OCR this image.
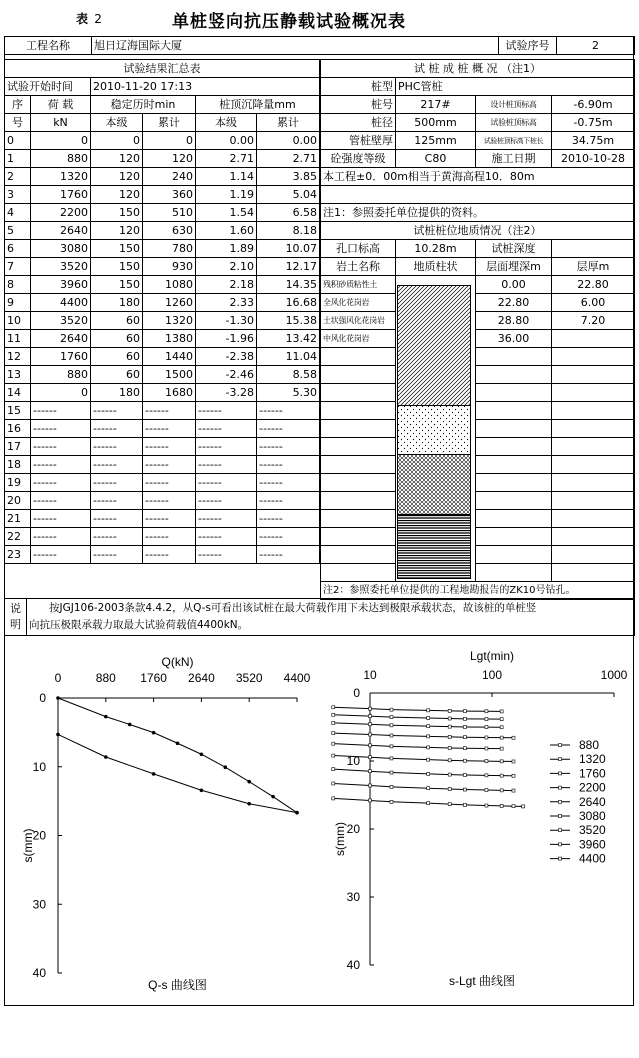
表 2	单桩竖向抗压静载试验概况表
工程名称	旭日辽海国际大厦	试验序号	2
试验结果汇总表					
试验开始时间		2010-11-20 17:13			
序	荷 载	稳定历时min		桩顶沉降量mm	
号	kN	本级	累计	本级	累计
0	0	0	0	0.00	0.00
1	880	120	120	2.71	2.71
2	1320	120	240	1.14	3.85
3	1760	120	360	1.19	5.04
4	2200	150	510	1.54	6.58
5	2640	120	630	1.60	8.18
6	3080	150	780	1.89	10.07
7	3520	150	930	2.10	12.17
8	3960	150	1080	2.18	14.35
9	4400	180	1260	2.33	16.68
10	3520	60	1320	-1.30	15.38
11	2640	60	1380	-1.96	13.42
12	1760	60	1440	-2.38	11.04
13	880	60	1500	-2.46	8.58
14	0	180	1680	-3.28	5.30
15	------	------	------	------	------
16	------	------	------	------	------
17	------	------	------	------	------
18	------	------	------	------	------
19	------	------	------	------	------
20	------	------	------	------	------
21	------	------	------	------	------
22	------	------	------	------	------
23	------	------	------	------	------
试 桩 成 桩 概 况 （注1）			
桩型	PHC管桩		
桩号	217#	设计桩顶标高	-6.90m
桩径	500mm	试验桩顶标高	-0.75m
管桩壁厚	125mm	试验桩顶标高下桩长	34.75m
砼强度等级	C80	施工日期	2010-10-28
本工程±0．00m相当于黄海高程10．80m			

注1：参照委托单位提供的资料。			
试桩桩位地质情况（注2）			
孔口标高	10.28m	试桩深度	
岩土名称	地质柱状	层面埋深m	层厚m
残积砂质粘性土		0.00	22.80
全风化花岗岩		22.80	6.00
土状强风化花岗岩		28.80	7.20
中风化花岗岩		36.00	

注2：参照委托单位提供的工程地勘报告的ZK10号钻孔。			
说
明

按JGJ106-2003条款4.4.2，从Q-s可看出该试桩在最大荷载作用下未达到极限承载状态，故该桩的单桩竖
向抗压极限承载力取最大试验荷载值4400kN。
Q(kN)
0	880 1760 2640 3520 4400
0
10
20
30
40
s(mm)
Q-s 曲线图
Lgt(min)
10	100	1000
0
10
20
30
40
s(mm)
s-Lgt 曲线图
880
1320
1760
2200
2640
3080
3520
3960
4400
